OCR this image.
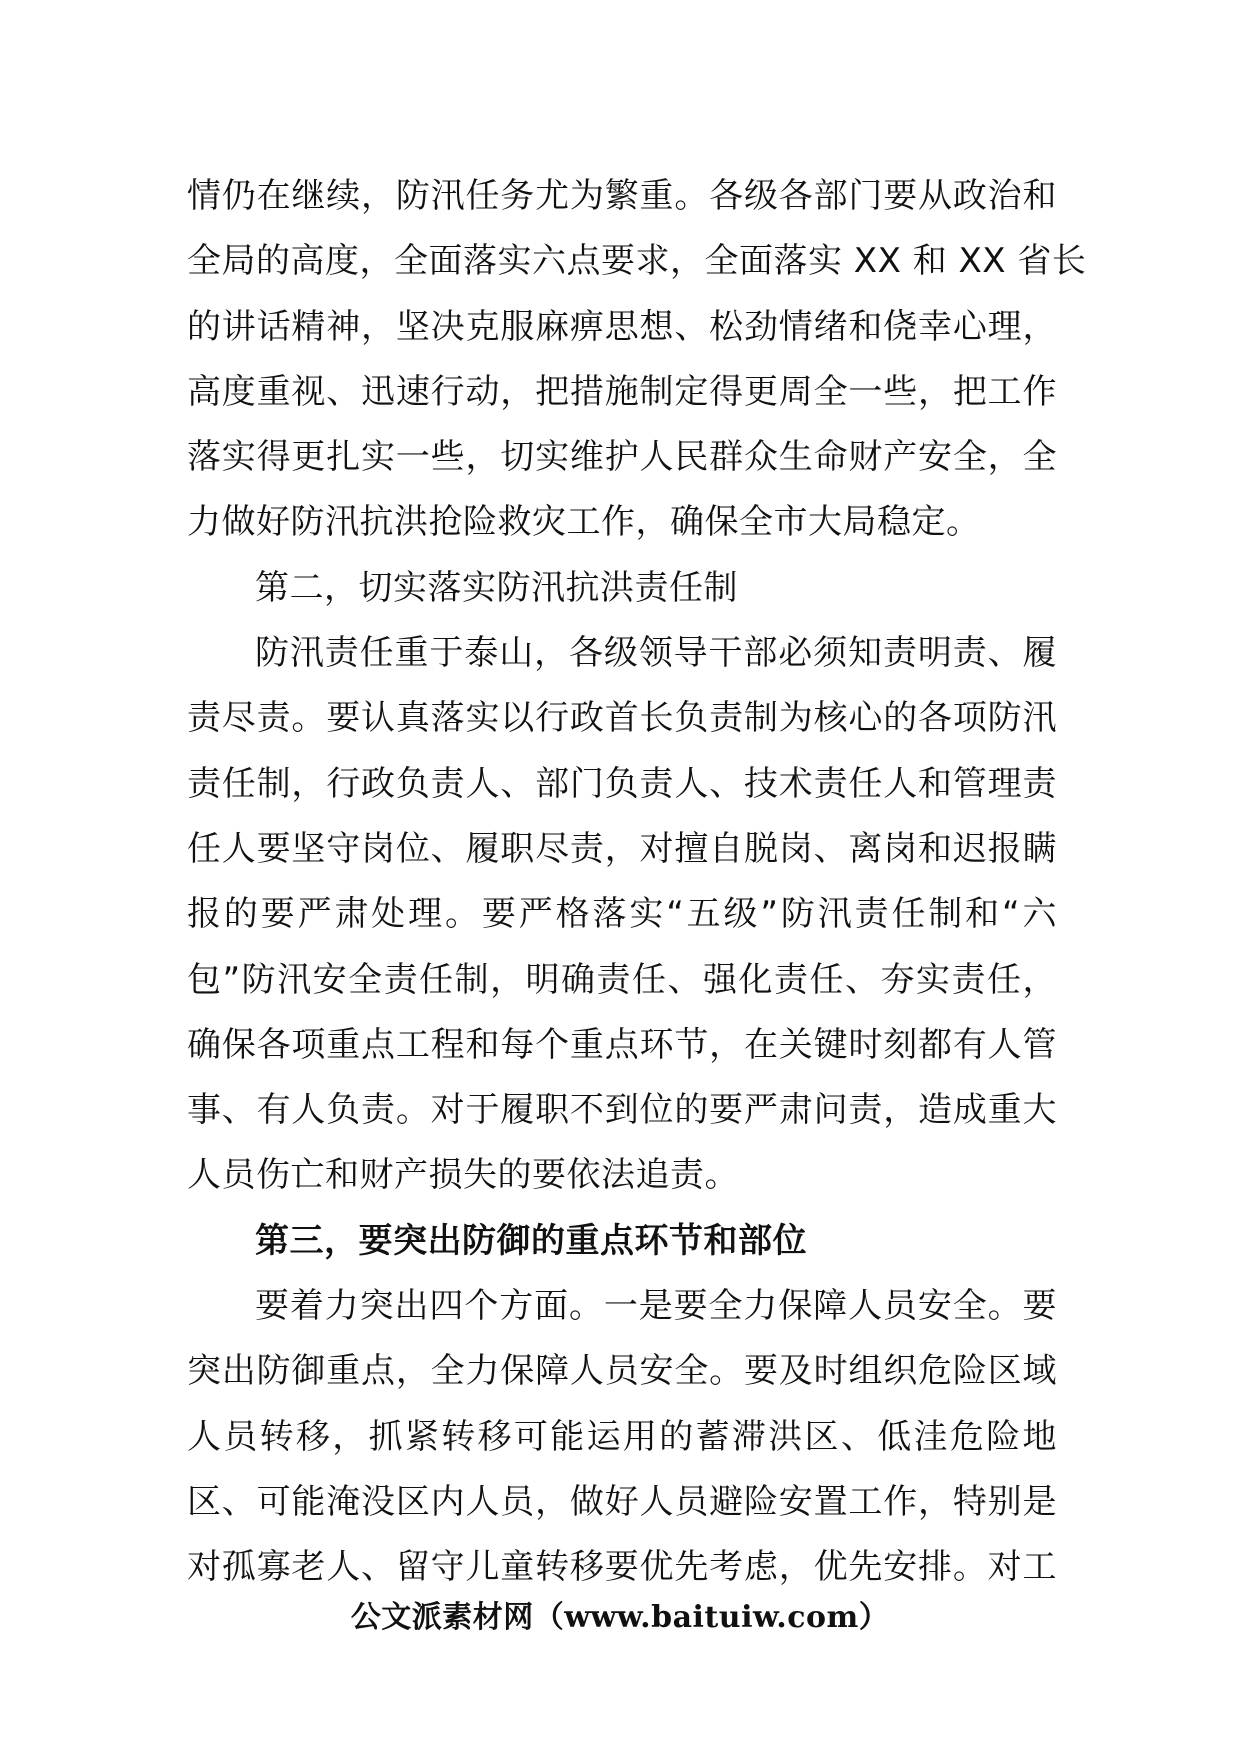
情仍在继续，防汛任务尤为繁重。各级各部门要从政治和
全局的高度，全面落实六点要求，全面落实 XX 和 XX 省长
的讲话精神，坚决克服麻痹思想、松劲情绪和侥幸心理，
高度重视、迅速行动，把措施制定得更周全一些，把工作
落实得更扎实一些，切实维护人民群众生命财产安全，全
力做好防汛抗洪抢险救灾工作，确保全市大局稳定。
第二，切实落实防汛抗洪责任制
防汛责任重于泰山，各级领导干部必须知责明责、履
责尽责。要认真落实以行政首长负责制为核心的各项防汛
责任制，行政负责人、部门负责人、技术责任人和管理责
任人要坚守岗位、履职尽责，对擅自脱岗、离岗和迟报瞒
报的要严肃处理。要严格落实“五级”防汛责任制和“六
包”防汛安全责任制，明确责任、强化责任、夯实责任，
确保各项重点工程和每个重点环节，在关键时刻都有人管
事、有人负责。对于履职不到位的要严肃问责，造成重大
人员伤亡和财产损失的要依法追责。
第三，要突出防御的重点环节和部位
要着力突出四个方面。一是要全力保障人员安全。要
突出防御重点，全力保障人员安全。要及时组织危险区域
人员转移，抓紧转移可能运用的蓄滞洪区、低洼危险地
区、可能淹没区内人员，做好人员避险安置工作，特别是
对孤寡老人、留守儿童转移要优先考虑，优先安排。对工
公文派素材网（www.baituiw.com）
